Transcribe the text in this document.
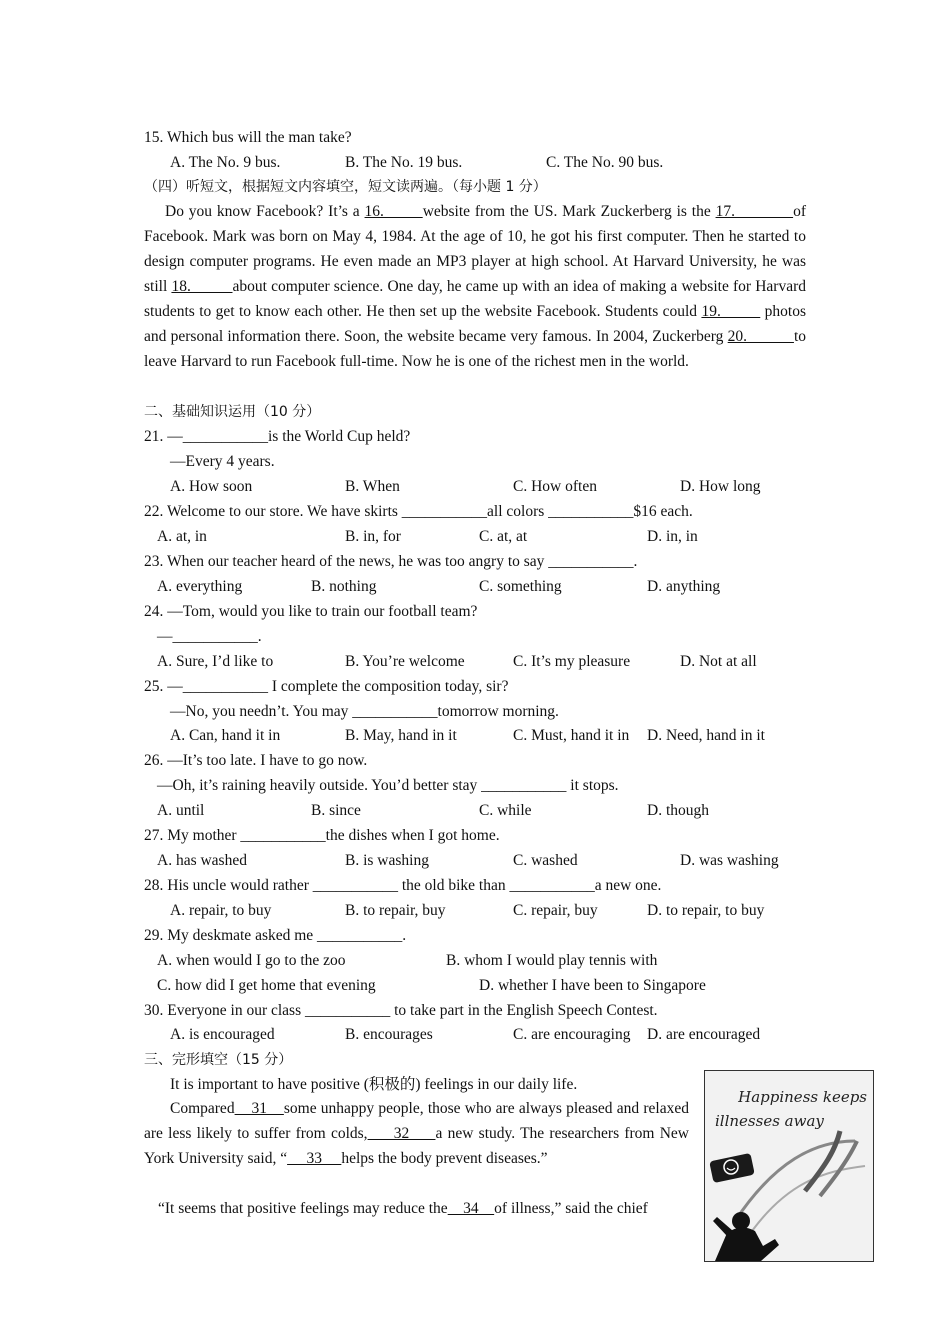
15. Which bus will the man take?
A. The No. 9 bus.	B. The No. 19 bus.	C. The No. 90 bus.
（四）听短文，根据短文内容填空，短文读两遍。（每小题 1 分）
Do you know Facebook? It’s a 16.        website from the US. Mark Zuckerberg is the 17.            of Facebook. Mark was born on May 4, 1984. At the age of 10, he got his first computer. Then he started to design computer programs. He even made an MP3 player at high school. At Harvard University, he was still 18.          about computer science. One day, he came up with an idea of making a website for Harvard students to get to know each other. He then set up the website Facebook. Students could 19.          photos and personal information there. Soon, the website became very famous. In 2004, Zuckerberg 20.           to leave Harvard to run Facebook full-time. Now he is one of the richest men in the world.
二、基础知识运用（10 分）
21. —___________is the World Cup held?
—Every 4 years.
A. How soon	B. When	C. How often	D. How long
22. Welcome to our store. We have skirts ___________all colors ___________$16 each.
A. at, in	B. in, for	C. at, at	D. in, in
23. When our teacher heard of the news, he was too angry to say ___________.
A. everything	B. nothing	C. something	D. anything
24. —Tom, would you like to train our football team?
—___________.
A. Sure, I’d like to	B. You’re welcome	C. It’s my pleasure	D. Not at all
25. —___________ I complete the composition today, sir?
—No, you needn’t. You may ___________tomorrow morning.
A. Can, hand it in	B. May, hand in it	C. Must, hand it in D. Need, hand in it
26. —It’s too late. I have to go now.
—Oh, it’s raining heavily outside. You’d better stay ___________ it stops.
A. until	B. since	C. while	D. though
27. My mother ___________the dishes when I got home.
A. has washed	B. is washing	C. washed	D. was washing
28. His uncle would rather ___________ the old bike than ___________a new one.
A. repair, to buy	B. to repair, buy	C. repair, buy	D. to repair, to buy
29. My deskmate asked me ___________.
A. when would I go to the zoo	B. whom I would play tennis with
C. how did I get home that evening	D. whether I have been to Singapore
30. Everyone in our class ___________ to take part in the English Speech Contest.
A. is encouraged	B. encourages	C. are encouraging D. are encouraged
三、完形填空（15 分）
It is important to have positive (积极的) feelings in our daily life.
Compared    31    some unhappy people, those who are always pleased and relaxed are less likely to suffer from colds,     32     a new study. The researchers from New York University said, “     33     helps the body prevent diseases.”
“It seems that positive feelings may reduce the    34    of illness,” said the chief
Happiness keeps
illnesses away
